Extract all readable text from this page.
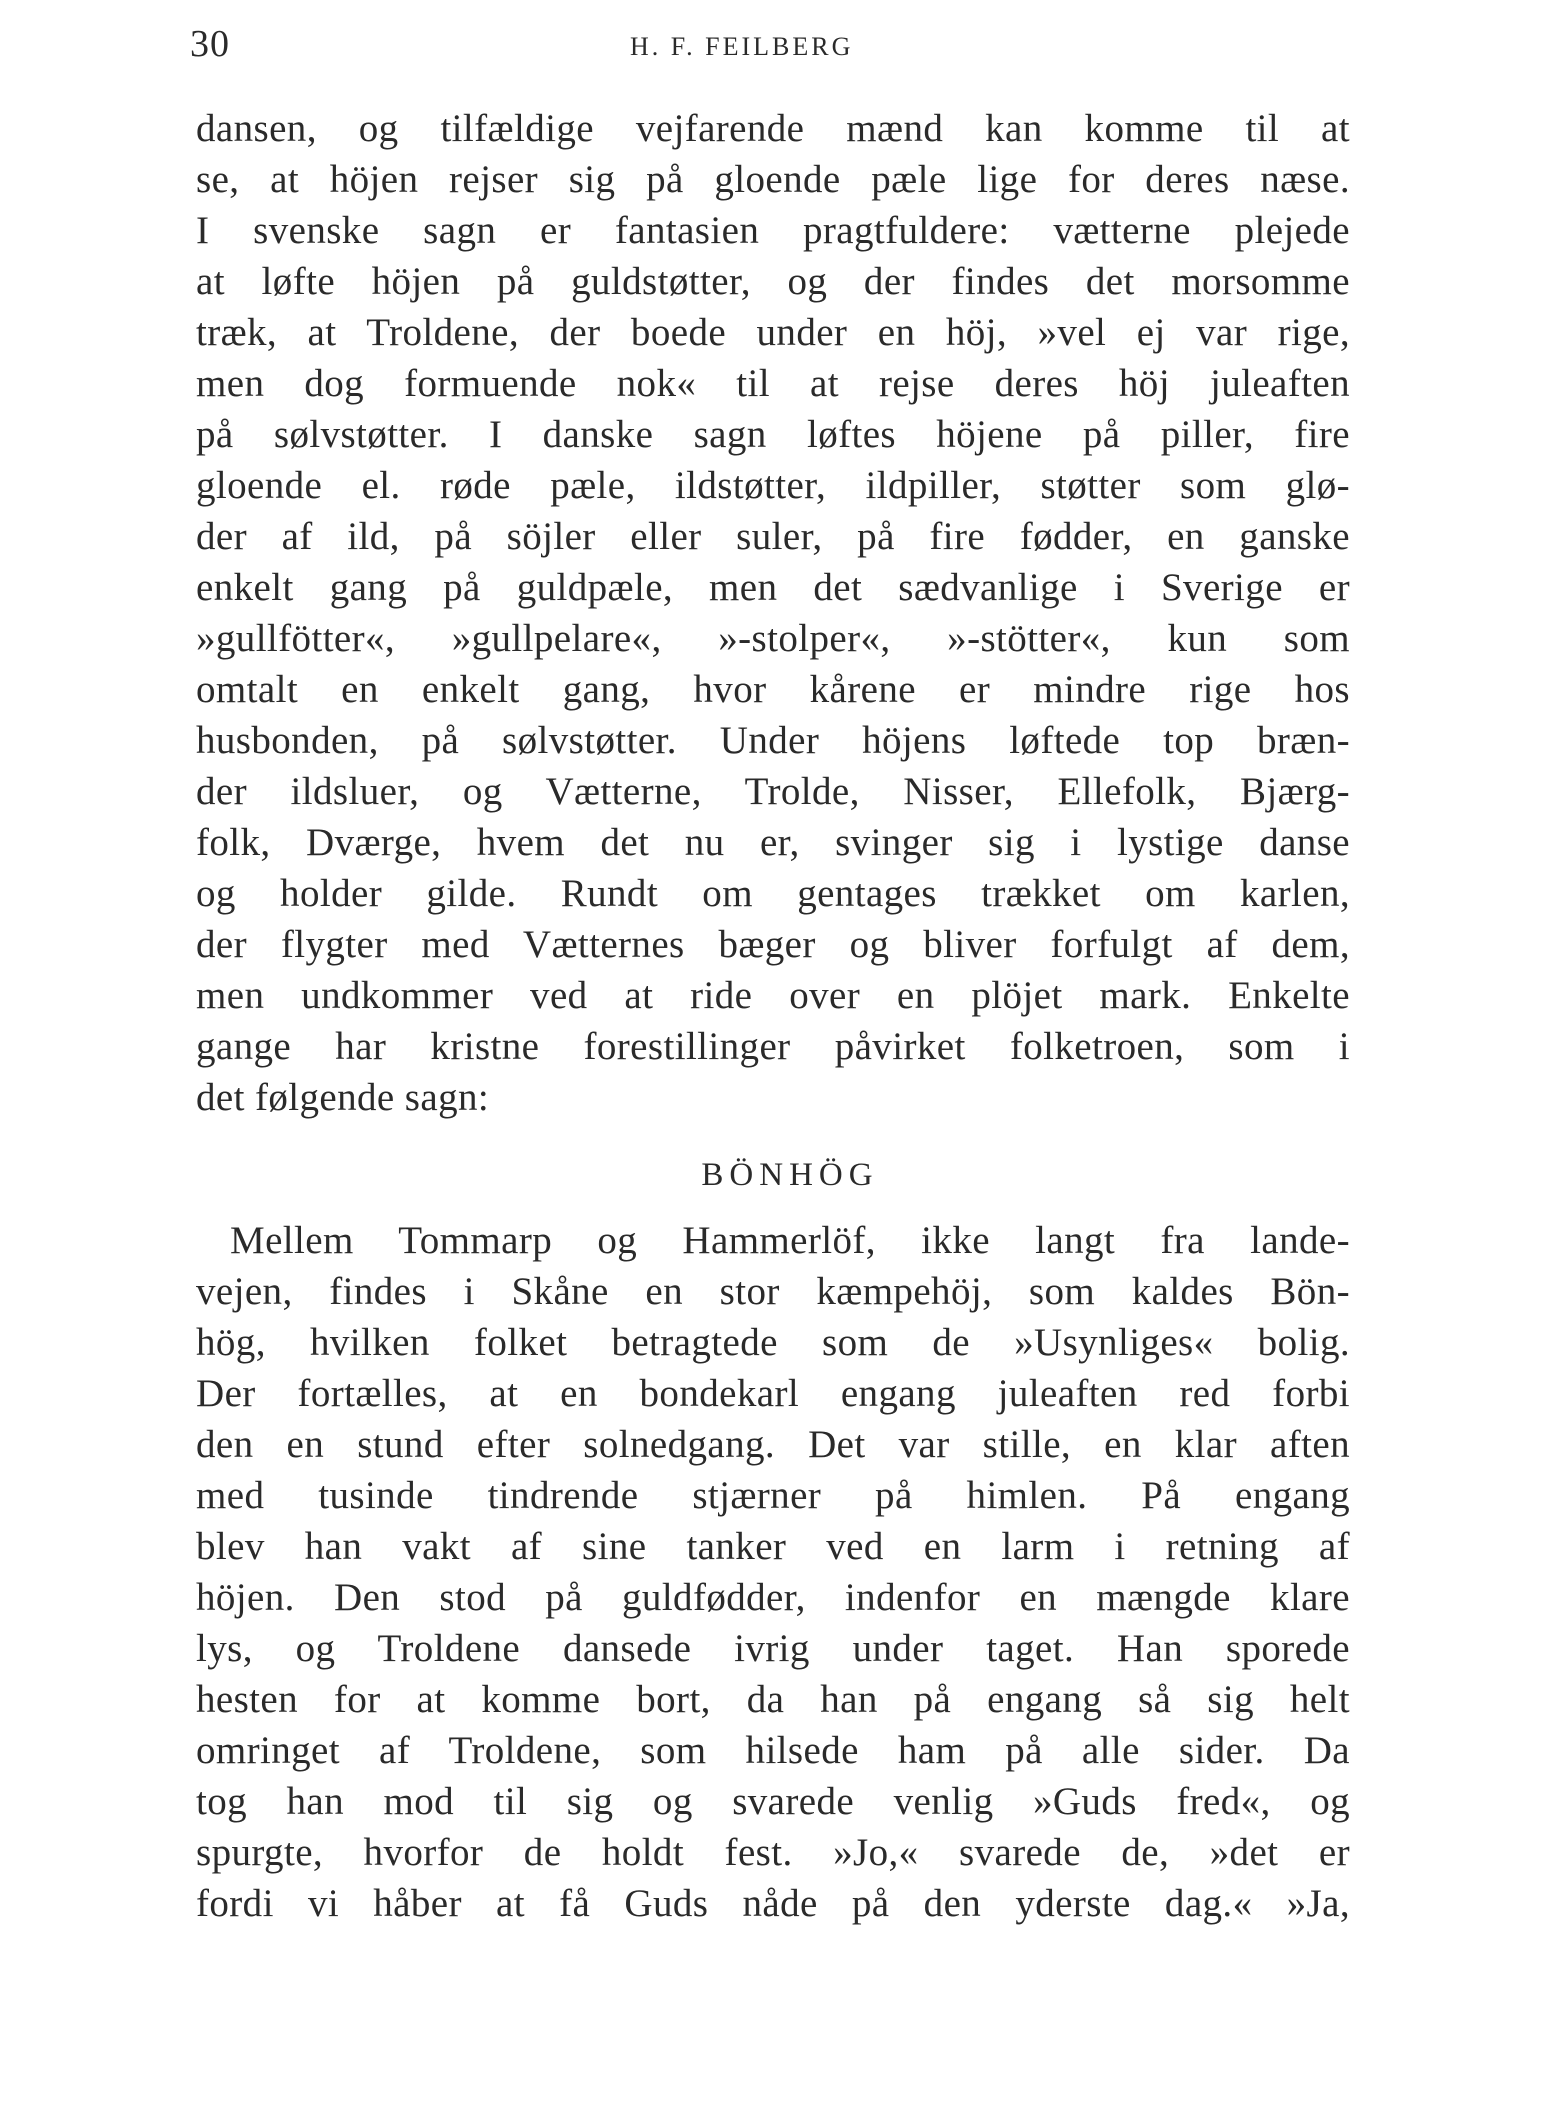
30	H. F. FEILBERG
dansen, og tilfældige vejfarende mænd kan komme til at
se, at höjen rejser sig på gloende pæle lige for deres næse.
I svenske sagn er fantasien pragtfuldere: vætterne plejede
at løfte höjen på guldstøtter, og der findes det morsomme
træk, at Troldene, der boede under en höj, »vel ej var rige,
men dog formuende nok« til at rejse deres höj juleaften
på sølvstøtter. I danske sagn løftes höjene på piller, fire
gloende el. røde pæle, ildstøtter, ildpiller, støtter som glø-
der af ild, på söjler eller suler, på fire fødder, en ganske
enkelt gang på guldpæle, men det sædvanlige i Sverige er
»gullfötter«, »gullpelare«, »-stolper«, »-stötter«, kun som
omtalt en enkelt gang, hvor kårene er mindre rige hos
husbonden, på sølvstøtter. Under höjens løftede top bræn-
der ildsluer, og Vætterne, Trolde, Nisser, Ellefolk, Bjærg-
folk, Dværge, hvem det nu er, svinger sig i lystige danse
og holder gilde. Rundt om gentages trækket om karlen,
der flygter med Vætternes bæger og bliver forfulgt af dem,
men undkommer ved at ride over en plöjet mark. Enkelte
gange har kristne forestillinger påvirket folketroen, som i
det følgende sagn:
BÖNHÖG
Mellem Tommarp og Hammerlöf, ikke langt fra lande-
vejen, findes i Skåne en stor kæmpehöj, som kaldes Bön-
hög, hvilken folket betragtede som de »Usynliges« bolig.
Der fortælles, at en bondekarl engang juleaften red forbi
den en stund efter solnedgang. Det var stille, en klar aften
med tusinde tindrende stjærner på himlen. På engang
blev han vakt af sine tanker ved en larm i retning af
höjen. Den stod på guldfødder, indenfor en mængde klare
lys, og Troldene dansede ivrig under taget. Han sporede
hesten for at komme bort, da han på engang så sig helt
omringet af Troldene, som hilsede ham på alle sider. Da
tog han mod til sig og svarede venlig »Guds fred«, og
spurgte, hvorfor de holdt fest. »Jo,« svarede de, »det er
fordi vi håber at få Guds nåde på den yderste dag.« »Ja,
